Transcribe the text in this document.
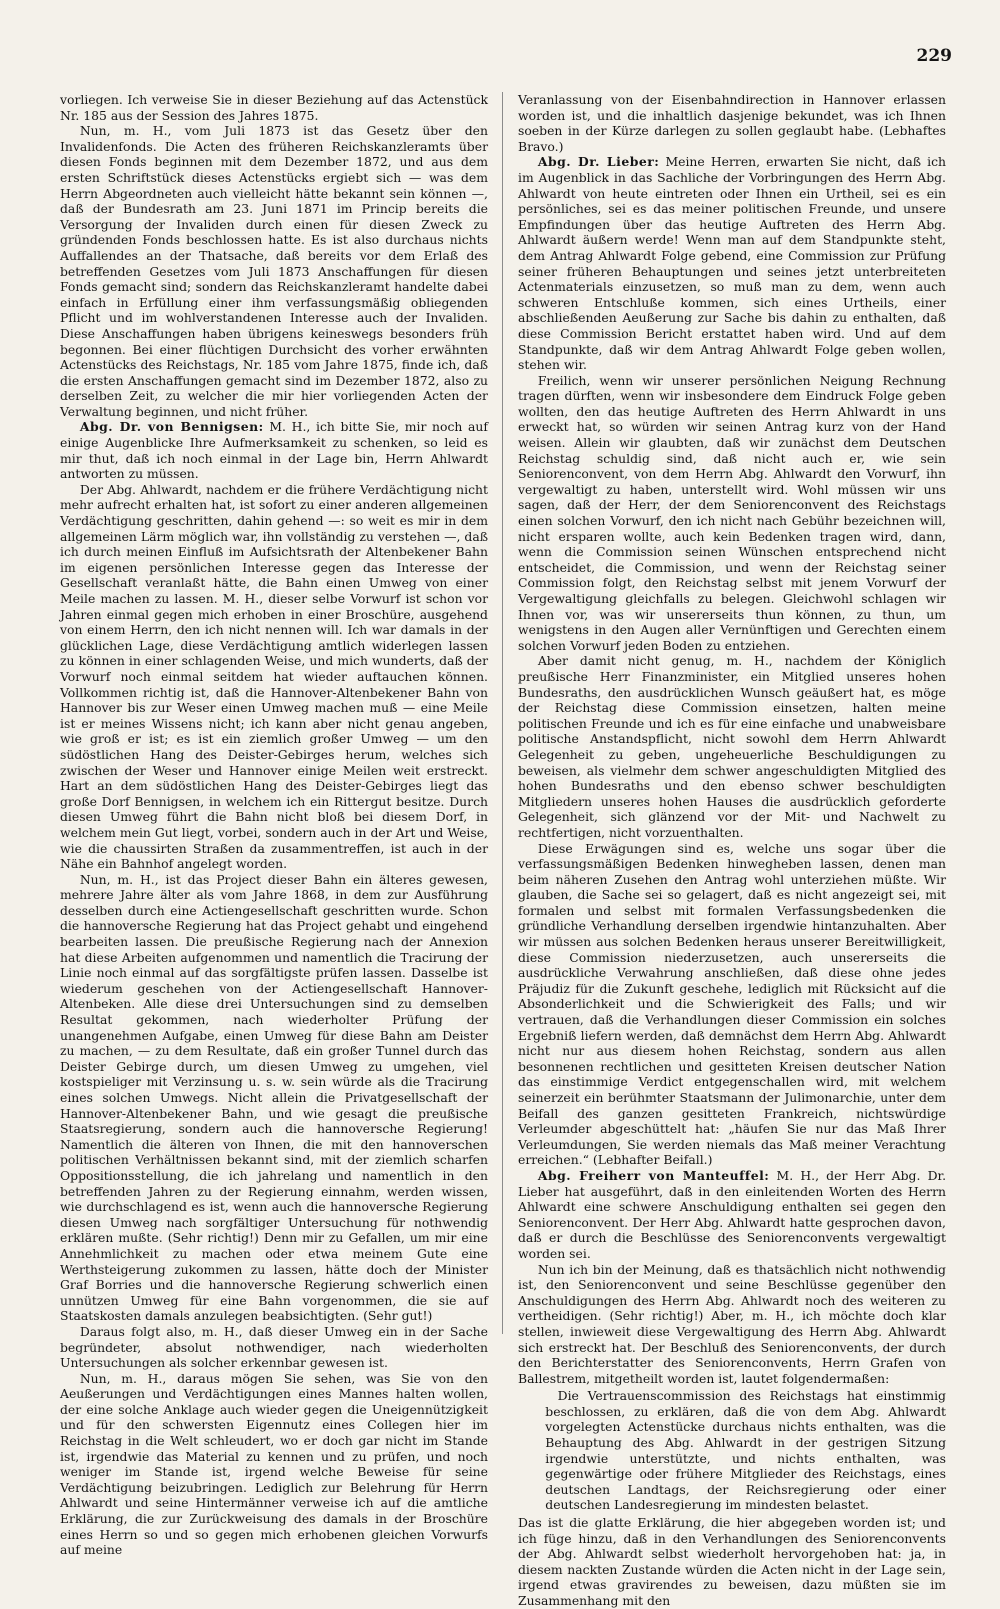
229

vorliegen. Ich verweise Sie in dieser Beziehung auf das Actenstück Nr. 185 aus der Session des Jahres 1875.

Nun, m. H., vom Juli 1873 ist das Gesetz über den Invalidenfonds. Die Acten des früheren Reichskanzleramts über diesen Fonds beginnen mit dem Dezember 1872, und aus dem ersten Schriftstück dieses Actenstücks ergiebt sich — was dem Herrn Abgeordneten auch vielleicht hätte bekannt sein können —, daß der Bundesrath am 23. Juni 1871 im Princip bereits die Versorgung der Invaliden durch einen für diesen Zweck zu gründenden Fonds beschlossen hatte. Es ist also durchaus nichts Auffallendes an der Thatsache, daß bereits vor dem Erlaß des betreffenden Gesetzes vom Juli 1873 Anschaffungen für diesen Fonds gemacht sind; sondern das Reichskanzleramt handelte dabei einfach in Erfüllung einer ihm verfassungsmäßig obliegenden Pflicht und im wohlverstandenen Interesse auch der Invaliden. Diese Anschaffungen haben übrigens keineswegs besonders früh begonnen. Bei einer flüchtigen Durchsicht des vorher erwähnten Actenstücks des Reichstags, Nr. 185 vom Jahre 1875, finde ich, daß die ersten Anschaffungen gemacht sind im Dezember 1872, also zu derselben Zeit, zu welcher die mir hier vorliegenden Acten der Verwaltung beginnen, und nicht früher.

Abg. Dr. von Bennigsen: M. H., ich bitte Sie, mir noch auf einige Augenblicke Ihre Aufmerksamkeit zu schenken, so leid es mir thut, daß ich noch einmal in der Lage bin, Herrn Ahlwardt antworten zu müssen.

Der Abg. Ahlwardt, nachdem er die frühere Verdächtigung nicht mehr aufrecht erhalten hat, ist sofort zu einer anderen allgemeinen Verdächtigung geschritten, dahin gehend —: so weit es mir in dem allgemeinen Lärm möglich war, ihn vollständig zu verstehen —, daß ich durch meinen Einfluß im Aufsichtsrath der Altenbekener Bahn im eigenen persönlichen Interesse gegen das Interesse der Gesellschaft veranlaßt hätte, die Bahn einen Umweg von einer Meile machen zu lassen. M. H., dieser selbe Vorwurf ist schon vor Jahren einmal gegen mich erhoben in einer Broschüre, ausgehend von einem Herrn, den ich nicht nennen will. Ich war damals in der glücklichen Lage, diese Verdächtigung amtlich widerlegen lassen zu können in einer schlagenden Weise, und mich wunderts, daß der Vorwurf noch einmal seitdem hat wieder auftauchen können. Vollkommen richtig ist, daß die Hannover-Altenbekener Bahn von Hannover bis zur Weser einen Umweg machen muß — eine Meile ist er meines Wissens nicht; ich kann aber nicht genau angeben, wie groß er ist; es ist ein ziemlich großer Umweg — um den südöstlichen Hang des Deister-Gebirges herum, welches sich zwischen der Weser und Hannover einige Meilen weit erstreckt. Hart an dem südöstlichen Hang des Deister-Gebirges liegt das große Dorf Bennigsen, in welchem ich ein Rittergut besitze. Durch diesen Umweg führt die Bahn nicht bloß bei diesem Dorf, in welchem mein Gut liegt, vorbei, sondern auch in der Art und Weise, wie die chaussirten Straßen da zusammentreffen, ist auch in der Nähe ein Bahnhof angelegt worden.

Nun, m. H., ist das Project dieser Bahn ein älteres gewesen, mehrere Jahre älter als vom Jahre 1868, in dem zur Ausführung desselben durch eine Actiengesellschaft geschritten wurde. Schon die hannoversche Regierung hat das Project gehabt und eingehend bearbeiten lassen. Die preußische Regierung nach der Annexion hat diese Arbeiten aufgenommen und namentlich die Tracirung der Linie noch einmal auf das sorgfältigste prüfen lassen. Dasselbe ist wiederum geschehen von der Actiengesellschaft Hannover-Altenbeken. Alle diese drei Untersuchungen sind zu demselben Resultat gekommen, nach wiederholter Prüfung der unangenehmen Aufgabe, einen Umweg für diese Bahn am Deister zu machen, — zu dem Resultate, daß ein großer Tunnel durch das Deister Gebirge durch, um diesen Umweg zu umgehen, viel kostspieliger mit Verzinsung u. s. w. sein würde als die Tracirung eines solchen Umwegs. Nicht allein die Privatgesellschaft der Hannover-Altenbekener Bahn, und wie gesagt die preußische Staatsregierung, sondern auch die hannoversche Regierung! Namentlich die älteren von Ihnen, die mit den hannoverschen politischen Verhältnissen bekannt sind, mit der ziemlich scharfen Oppositionsstellung, die ich jahrelang und namentlich in den betreffenden Jahren zu der Regierung einnahm, werden wissen, wie durchschlagend es ist, wenn auch die hannoversche Regierung diesen Umweg nach sorgfältiger Untersuchung für nothwendig erklären mußte. (Sehr richtig!) Denn mir zu Gefallen, um mir eine Annehmlichkeit zu machen oder etwa meinem Gute eine Werthsteigerung zukommen zu lassen, hätte doch der Minister Graf Borries und die hannoversche Regierung schwerlich einen unnützen Umweg für eine Bahn vorgenommen, die sie auf Staatskosten damals anzulegen beabsichtigten. (Sehr gut!)

Daraus folgt also, m. H., daß dieser Umweg ein in der Sache begründeter, absolut nothwendiger, nach wiederholten Untersuchungen als solcher erkennbar gewesen ist.

Nun, m. H., daraus mögen Sie sehen, was Sie von den Aeußerungen und Verdächtigungen eines Mannes halten wollen, der eine solche Anklage auch wieder gegen die Uneigennützigkeit und für den schwersten Eigennutz eines Collegen hier im Reichstag in die Welt schleudert, wo er doch gar nicht im Stande ist, irgendwie das Material zu kennen und zu prüfen, und noch weniger im Stande ist, irgend welche Beweise für seine Verdächtigung beizubringen. Lediglich zur Belehrung für Herrn Ahlwardt und seine Hintermänner verweise ich auf die amtliche Erklärung, die zur Zurückweisung des damals in der Broschüre eines Herrn so und so gegen mich erhobenen gleichen Vorwurfs auf meine

Veranlassung von der Eisenbahndirection in Hannover erlassen worden ist, und die inhaltlich dasjenige bekundet, was ich Ihnen soeben in der Kürze darlegen zu sollen geglaubt habe. (Lebhaftes Bravo.)

Abg. Dr. Lieber: Meine Herren, erwarten Sie nicht, daß ich im Augenblick in das Sachliche der Vorbringungen des Herrn Abg. Ahlwardt von heute eintreten oder Ihnen ein Urtheil, sei es ein persönliches, sei es das meiner politischen Freunde, und unsere Empfindungen über das heutige Auftreten des Herrn Abg. Ahlwardt äußern werde! Wenn man auf dem Standpunkte steht, dem Antrag Ahlwardt Folge gebend, eine Commission zur Prüfung seiner früheren Behauptungen und seines jetzt unterbreiteten Actenmaterials einzusetzen, so muß man zu dem, wenn auch schweren Entschluße kommen, sich eines Urtheils, einer abschließenden Aeußerung zur Sache bis dahin zu enthalten, daß diese Commission Bericht erstattet haben wird. Und auf dem Standpunkte, daß wir dem Antrag Ahlwardt Folge geben wollen, stehen wir.

Freilich, wenn wir unserer persönlichen Neigung Rechnung tragen dürften, wenn wir insbesondere dem Eindruck Folge geben wollten, den das heutige Auftreten des Herrn Ahlwardt in uns erweckt hat, so würden wir seinen Antrag kurz von der Hand weisen. Allein wir glaubten, daß wir zunächst dem Deutschen Reichstag schuldig sind, daß nicht auch er, wie sein Seniorenconvent, von dem Herrn Abg. Ahlwardt den Vorwurf, ihn vergewaltigt zu haben, unterstellt wird. Wohl müssen wir uns sagen, daß der Herr, der dem Seniorenconvent des Reichstags einen solchen Vorwurf, den ich nicht nach Gebühr bezeichnen will, nicht ersparen wollte, auch kein Bedenken tragen wird, dann, wenn die Commission seinen Wünschen entsprechend nicht entscheidet, die Commission, und wenn der Reichstag seiner Commission folgt, den Reichstag selbst mit jenem Vorwurf der Vergewaltigung gleichfalls zu belegen. Gleichwohl schlagen wir Ihnen vor, was wir unsererseits thun können, zu thun, um wenigstens in den Augen aller Vernünftigen und Gerechten einem solchen Vorwurf jeden Boden zu entziehen.

Aber damit nicht genug, m. H., nachdem der Königlich preußische Herr Finanzminister, ein Mitglied unseres hohen Bundesraths, den ausdrücklichen Wunsch geäußert hat, es möge der Reichstag diese Commission einsetzen, halten meine politischen Freunde und ich es für eine einfache und unabweisbare politische Anstandspflicht, nicht sowohl dem Herrn Ahlwardt Gelegenheit zu geben, ungeheuerliche Beschuldigungen zu beweisen, als vielmehr dem schwer angeschuldigten Mitglied des hohen Bundesraths und den ebenso schwer beschuldigten Mitgliedern unseres hohen Hauses die ausdrücklich geforderte Gelegenheit, sich glänzend vor der Mit- und Nachwelt zu rechtfertigen, nicht vorzuenthalten.

Diese Erwägungen sind es, welche uns sogar über die verfassungsmäßigen Bedenken hinwegheben lassen, denen man beim näheren Zusehen den Antrag wohl unterziehen müßte. Wir glauben, die Sache sei so gelagert, daß es nicht angezeigt sei, mit formalen und selbst mit formalen Verfassungsbedenken die gründliche Verhandlung derselben irgendwie hintanzuhalten. Aber wir müssen aus solchen Bedenken heraus unserer Bereitwilligkeit, diese Commission niederzusetzen, auch unsererseits die ausdrückliche Verwahrung anschließen, daß diese ohne jedes Präjudiz für die Zukunft geschehe, lediglich mit Rücksicht auf die Absonderlichkeit und die Schwierigkeit des Falls; und wir vertrauen, daß die Verhandlungen dieser Commission ein solches Ergebniß liefern werden, daß demnächst dem Herrn Abg. Ahlwardt nicht nur aus diesem hohen Reichstag, sondern aus allen besonnenen rechtlichen und gesitteten Kreisen deutscher Nation das einstimmige Verdict entgegenschallen wird, mit welchem seinerzeit ein berühmter Staatsmann der Julimonarchie, unter dem Beifall des ganzen gesitteten Frankreich, nichtswürdige Verleumder abgeschüttelt hat: „häufen Sie nur das Maß Ihrer Verleumdungen, Sie werden niemals das Maß meiner Verachtung erreichen.“ (Lebhafter Beifall.)

Abg. Freiherr von Manteuffel: M. H., der Herr Abg. Dr. Lieber hat ausgeführt, daß in den einleitenden Worten des Herrn Ahlwardt eine schwere Anschuldigung enthalten sei gegen den Seniorenconvent. Der Herr Abg. Ahlwardt hatte gesprochen davon, daß er durch die Beschlüsse des Seniorenconvents vergewaltigt worden sei.

Nun ich bin der Meinung, daß es thatsächlich nicht nothwendig ist, den Seniorenconvent und seine Beschlüsse gegenüber den Anschuldigungen des Herrn Abg. Ahlwardt noch des weiteren zu vertheidigen. (Sehr richtig!) Aber, m. H., ich möchte doch klar stellen, inwieweit diese Vergewaltigung des Herrn Abg. Ahlwardt sich erstreckt hat. Der Beschluß des Seniorenconvents, der durch den Berichterstatter des Seniorenconvents, Herrn Grafen von Ballestrem, mitgetheilt worden ist, lautet folgendermaßen:

Die Vertrauenscommission des Reichstags hat einstimmig beschlossen, zu erklären, daß die von dem Abg. Ahlwardt vorgelegten Actenstücke durchaus nichts enthalten, was die Behauptung des Abg. Ahlwardt in der gestrigen Sitzung irgendwie unterstützte, und nichts enthalten, was gegenwärtige oder frühere Mitglieder des Reichstags, eines deutschen Landtags, der Reichsregierung oder einer deutschen Landesregierung im mindesten belastet.

Das ist die glatte Erklärung, die hier abgegeben worden ist; und ich füge hinzu, daß in den Verhandlungen des Seniorenconvents der Abg. Ahlwardt selbst wiederholt hervorgehoben hat: ja, in diesem nackten Zustande würden die Acten nicht in der Lage sein, irgend etwas gravirendes zu beweisen, dazu müßten sie im Zusammenhang mit den
